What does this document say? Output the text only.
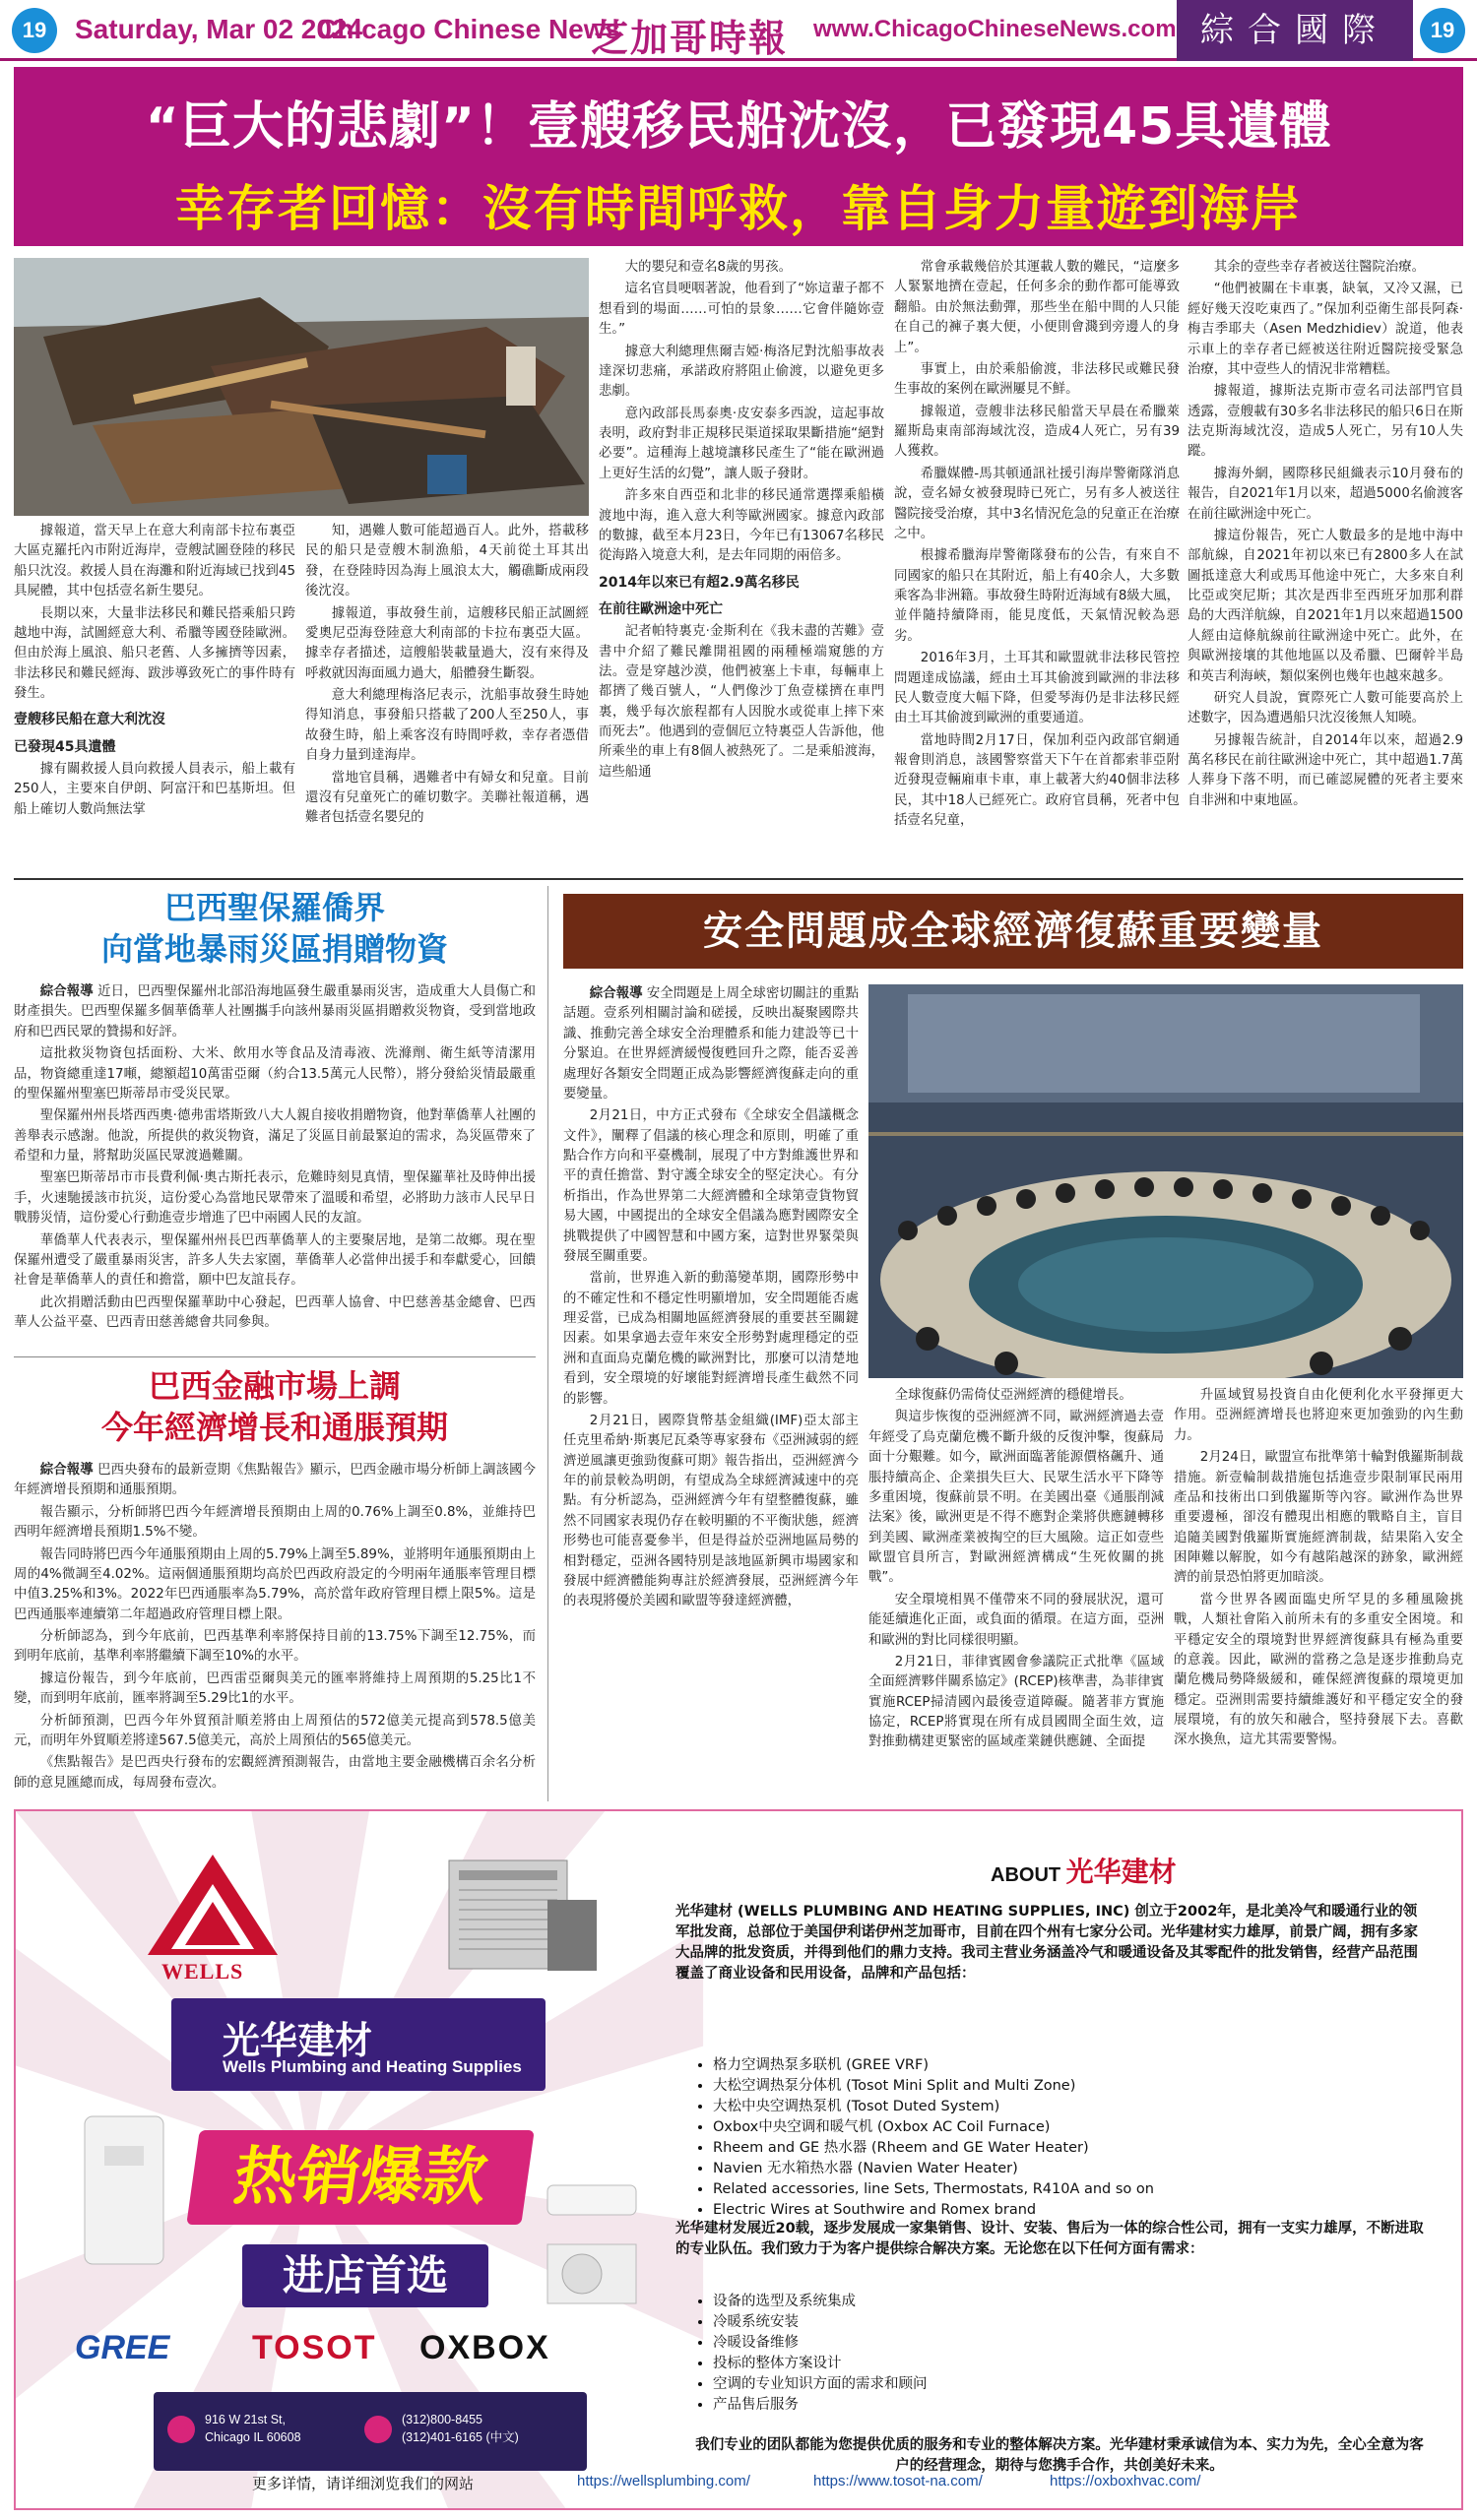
19	Saturday, Mar 02 2024
Chicago Chinese News
芝加哥時報 www.ChicagoChineseNews.com 綜合國際	19
“巨大的悲劇”！壹艘移民船沈沒，已發現45具遺體
幸存者回憶：沒有時間呼救，靠自身力量遊到海岸

據報道，當天早上在意大利南部卡拉布裏亞大區克羅托內市附近海岸，壹艘試圖登陸的移民船只沈沒。救援人員在海灘和附近海域已找到45具屍體，其中包括壹名新生嬰兒。

長期以來，大量非法移民和難民搭乘船只跨越地中海，試圖經意大利、希臘等國登陸歐洲。但由於海上風浪、船只老舊、人多擁擠等因素，非法移民和難民經海、跋涉導致死亡的事件時有發生。

壹艘移民船在意大利沈沒

已發現45具遺體

據有關救援人員向救援人員表示，船上載有250人，主要來自伊朗、阿富汗和巴基斯坦。但船上確切人數尚無法掌

知，遇難人數可能超過百人。此外，搭載移民的船只是壹艘木制漁船，4天前從土耳其出發，在登陸時因為海上風浪太大，觸礁斷成兩段後沈沒。

據報道，事故發生前，這艘移民船正試圖經愛奧尼亞海登陸意大利南部的卡拉布裏亞大區。據幸存者描述，這艘船裝載量過大，沒有來得及呼救就因海面風力過大，船體發生斷裂。

意大利總理梅洛尼表示，沈船事故發生時她得知消息，事發船只搭載了200人至250人，事故發生時，船上乘客沒有時間呼救，幸存者憑借自身力量到達海岸。

當地官員稱，遇難者中有婦女和兒童。目前還沒有兒童死亡的確切數字。美聯社報道稱，遇難者包括壹名嬰兒的

大的嬰兒和壹名8歲的男孩。

這名官員哽咽著說，他看到了“妳這輩子都不想看到的場面……可怕的景象……它會伴隨妳壹生。”

據意大利總理焦爾吉婭·梅洛尼對沈船事故表達深切悲痛，承諾政府將阻止偷渡，以避免更多悲劇。

意內政部長馬泰奧·皮安泰多西說，這起事故表明，政府對非正規移民渠道採取果斷措施“絕對必要”。這種海上越境讓移民產生了“能在歐洲過上更好生活的幻覺”，讓人販子發財。

許多來自西亞和北非的移民通常選擇乘船橫渡地中海，進入意大利等歐洲國家。據意內政部的數據，截至本月23日，今年已有13067名移民從海路入境意大利，是去年同期的兩倍多。

2014年以來已有超2.9萬名移民

在前往歐洲途中死亡

記者帕特裏克·金斯利在《我未盡的苦難》壹書中介紹了難民離開祖國的兩種極端窺態的方法。壹是穿越沙漠，他們被塞上卡車，每輛車上都擠了幾百號人，“人們像沙丁魚壹樣擠在車門裏，幾乎每次旅程都有人因脫水或從車上摔下來而死去”。他遇到的壹個厄立特裏亞人告訴他，他所乘坐的車上有8個人被熱死了。二是乘船渡海，這些船通

常會承載幾倍於其運載人數的難民，“這麼多人緊緊地擠在壹起，任何多余的動作都可能導致翻船。由於無法動彈，那些坐在船中間的人只能在自己的褲子裏大便，小便則會濺到旁邊人的身上”。

事實上，由於乘船偷渡，非法移民或難民發生事故的案例在歐洲屢見不鮮。

據報道，壹艘非法移民船當天早晨在希臘萊羅斯島東南部海域沈沒，造成4人死亡，另有39人獲救。

希臘媒體-馬其頓通訊社援引海岸警衛隊消息說，壹名婦女被發現時已死亡，另有多人被送往醫院接受治療，其中3名情況危急的兒童正在治療之中。

根據希臘海岸警衛隊發布的公告，有來自不同國家的船只在其附近，船上有40余人，大多數乘客為非洲籍。事故發生時附近海域有8級大風，並伴隨持續降雨，能見度低，天氣情況較為惡劣。

2016年3月，土耳其和歐盟就非法移民管控問題達成協議，經由土耳其偷渡到歐洲的非法移民人數壹度大幅下降，但愛琴海仍是非法移民經由土耳其偷渡到歐洲的重要通道。

當地時間2月17日，保加利亞內政部官網通報會則消息，該國警察當天下午在首都索菲亞附近發現壹輛廂車卡車，車上載著大約40個非法移民，其中18人已經死亡。政府官員稱，死者中包括壹名兒童，

其余的壹些幸存者被送往醫院治療。

“他們被關在卡車裏，缺氧，又冷又濕，已經好幾天沒吃東西了。”保加利亞衛生部長阿森·梅吉季耶夫（Asen Medzhidiev）說道，他表示車上的幸存者已經被送往附近醫院接受緊急治療，其中壹些人的情況非常糟糕。

據報道，據斯法克斯市壹名司法部門官員透露，壹艘載有30多名非法移民的船只6日在斯法克斯海域沈沒，造成5人死亡，另有10人失蹤。

據海外網，國際移民組織表示10月發布的報告，自2021年1月以來，超過5000名偷渡客在前往歐洲途中死亡。

據這份報告，死亡人數最多的是地中海中部航線，自2021年初以來已有2800多人在試圖抵達意大利或馬耳他途中死亡，大多來自利比亞或突尼斯；其次是西非至西班牙加那利群島的大西洋航線，自2021年1月以來超過1500人經由這條航線前往歐洲途中死亡。此外，在與歐洲接壤的其他地區以及希臘、巴爾幹半島和英吉利海峽，類似案例也幾年也越來越多。

研究人員說，實際死亡人數可能要高於上述數字，因為遭遇船只沈沒後無人知曉。

另據報告統計，自2014年以來，超過2.9萬名移民在前往歐洲途中死亡，其中超過1.7萬人葬身下落不明，而已確認屍體的死者主要來自非洲和中東地區。

巴西聖保羅僑界
向當地暴雨災區捐贈物資

綜合報導 近日，巴西聖保羅州北部沿海地區發生嚴重暴雨災害，造成重大人員傷亡和財產損失。巴西聖保羅多個華僑華人社團攜手向該州暴雨災區捐贈救災物資，受到當地政府和巴西民眾的贊揚和好評。

這批救災物資包括面粉、大米、飲用水等食品及清毒液、洗滌劑、衛生紙等清潔用品，物資總重達17噸，總額超10萬雷亞爾（約合13.5萬元人民幣），將分發給災情最嚴重的聖保羅州聖塞巴斯蒂昂市受災民眾。

聖保羅州州長塔西西奧·德弗雷塔斯致八大人親自接收捐贈物資，他對華僑華人社團的善舉表示感謝。他說，所提供的救災物資，滿足了災區目前最緊迫的需求，為災區帶來了希望和力量，將幫助災區民眾渡過難關。

聖塞巴斯蒂昂市市長費利佩·奧古斯托表示，危難時刻見真情，聖保羅華社及時伸出援手，火速馳援該市抗災，這份愛心為當地民眾帶來了溫暖和希望，必將助力該市人民早日戰勝災情，這份愛心行動進壹步增進了巴中兩國人民的友誼。

華僑華人代表表示，聖保羅州州長巴西華僑華人的主要聚居地，是第二故鄉。現在聖保羅州遭受了嚴重暴雨災害，許多人失去家園，華僑華人必當伸出援手和奉獻愛心，回饋社會是華僑華人的責任和擔當，願中巴友誼長存。

此次捐贈活動由巴西聖保羅華助中心發起，巴西華人協會、中巴慈善基金總會、巴西華人公益平臺、巴西青田慈善總會共同參與。

巴西金融市場上調
今年經濟增長和通脹預期

綜合報導 巴西央發布的最新壹期《焦點報告》顯示，巴西金融市場分析師上調該國今年經濟增長預期和通脹預期。

報告顯示，分析師將巴西今年經濟增長預期由上周的0.76%上調至0.8%，並維持巴西明年經濟增長預期1.5%不變。

報告同時將巴西今年通脹預期由上周的5.79%上調至5.89%，並將明年通脹預期由上周的4%微調至4.02%。這兩個通脹預期均高於巴西政府設定的今明兩年通脹率管理目標中值3.25%和3%。2022年巴西通脹率為5.79%，高於當年政府管理目標上限5%。這是巴西通脹率連續第二年超過政府管理目標上限。

分析師認為，到今年底前，巴西基準利率將保持目前的13.75%下調至12.75%，而到明年底前，基準利率將繼續下調至10%的水平。

據這份報告，到今年底前，巴西雷亞爾與美元的匯率將維持上周預期的5.25比1不變，而到明年底前，匯率將調至5.29比1的水平。

分析師預測，巴西今年外貿預計順差將由上周預估的572億美元提高到578.5億美元，而明年外貿順差將達567.5億美元，高於上周預估的565億美元。

《焦點報告》是巴西央行發布的宏觀經濟預測報告，由當地主要金融機構百余名分析師的意見匯總而成，每周發布壹次。

安全問題成全球經濟復蘇重要變量

綜合報導 安全問題是上周全球密切關註的重點話題。壹系列相關討論和磋援，反映出凝聚國際共識、推動完善全球安全治理體系和能力建設等已十分緊迫。在世界經濟緩慢復甦回升之際，能否妥善處理好各類安全問題正成為影響經濟復蘇走向的重要變量。

2月21日，中方正式發布《全球安全倡議概念文件》，闡釋了倡議的核心理念和原則，明確了重點合作方向和平臺機制，展現了中方對維護世界和平的責任擔當、對守護全球安全的堅定決心。有分析指出，作為世界第二大經濟體和全球第壹貨物貿易大國，中國提出的全球安全倡議為應對國際安全挑戰提供了中國智慧和中國方案，這對世界緊榮與發展至關重要。

當前，世界進入新的動蕩變革期，國際形勢中的不確定性和不穩定性明顯增加，安全問題能否處理妥當，已成為相關地區經濟發展的重要甚至關鍵因素。如果拿過去壹年來安全形勢對處理穩定的亞洲和直面烏克蘭危機的歐洲對比，那麼可以清楚地看到，安全環境的好壞能對經濟增長產生截然不同的影響。

2月21日，國際貨幣基金組織(IMF)亞太部主任克里希納·斯裏尼瓦桑等專家發布《亞洲減弱的經濟逆風讓更強勁復蘇可期》報告指出，亞洲經濟今年的前景較為明朗，有望成為全球經濟減速中的亮點。有分析認為，亞洲經濟今年有望整體復蘇，雖然不同國家表現仍存在較明顯的不平衡狀態，經濟形勢也可能喜憂參半，但是得益於亞洲地區局勢的相對穩定，亞洲各國特別是該地區新興市場國家和發展中經濟體能夠專註於經濟發展，亞洲經濟今年的表現將優於美國和歐盟等發達經濟體，

全球復蘇仍需倚仗亞洲經濟的穩健增長。

與這步恢復的亞洲經濟不同，歐洲經濟過去壹年經受了烏克蘭危機不斷升級的反復沖擊，復蘇局面十分艱難。如今，歐洲面臨著能源價格飆升、通脹持續高企、企業損失巨大、民眾生活水平下降等多重困境，復蘇前景不明。在美國出臺《通脹削減法案》後，歐洲更是不得不應對企業將供應鏈轉移到美國、歐洲產業被掏空的巨大風險。這正如壹些歐盟官員所言，對歐洲經濟構成“生死攸關的挑戰”。

安全環境相異不僅帶來不同的發展狀況，還可能延續進化正面，或負面的循環。在這方面，亞洲和歐洲的對比同樣很明顯。

2月21日，菲律賓國會參議院正式批準《區域全面經濟夥伴關系協定》(RCEP)核準書，為菲律賓實施RCEP掃清國內最後壹道障礙。隨著菲方實施協定，RCEP將實現在所有成員國間全面生效，這對推動構建更緊密的區域產業鏈供應鏈、全面提

升區域貿易投資自由化便利化水平發揮更大作用。亞洲經濟增長也將迎來更加強勁的內生動力。

2月24日，歐盟宣布批準第十輪對俄羅斯制裁措施。新壹輪制裁措施包括進壹步限制軍民兩用產品和技術出口到俄羅斯等內容。歐洲作為世界重要邊極，卻沒有體現出相應的戰略自主，盲目追隨美國對俄羅斯實施經濟制裁，結果陷入安全困陣難以解脫，如今有越陷越深的跡象，歐洲經濟的前景恐怕將更加暗淡。

當今世界各國面臨史所罕見的多種風險挑戰，人類社會陷入前所未有的多重安全困境。和平穩定安全的環境對世界經濟復蘇具有極為重要的意義。因此，歐洲的當務之急是逐步推動烏克蘭危機局勢降級緩和，確保經濟復蘇的環境更加穩定。亞洲則需要持續維護好和平穩定安全的發展環境，有的放矢和融合，堅持發展下去。喜歡深水換魚，這尤其需要警惕。

WELLS
光华建材
Wells Plumbing and Heating Supplies
热销爆款
进店首选
GREE TOSOT OXBOX
916 W 21st St,
Chicago IL 60608
(312)800-8455
(312)401-6165 (中文)
ABOUT 光华建材
光华建材 (WELLS PLUMBING AND HEATING SUPPLIES, INC) 创立于2002年，是北美冷气和暖通行业的领军批发商，总部位于美国伊利诺伊州芝加哥市，目前在四个州有七家分公司。光华建材实力雄厚，前景广阔，拥有多家大品牌的批发资质，并得到他们的鼎力支持。我司主营业务涵盖冷气和暖通设备及其零配件的批发销售，经营产品范围覆盖了商业设备和民用设备，品牌和产品包括：
• 格力空调热泵多联机 (GREE VRF)
• 大松空调热泵分体机 (Tosot Mini Split and Multi Zone)
• 大松中央空调热泵机 (Tosot Duted System)
• Oxbox中央空调和暖气机 (Oxbox AC Coil Furnace)
• Rheem and GE 热水器 (Rheem and GE Water Heater)
• Navien 无水箱热水器 (Navien Water Heater)
• Related accessories, line Sets, Thermostats, R410A and so on
• Electric Wires at Southwire and Romex brand
光华建材发展近20载，逐步发展成一家集销售、设计、安装、售后为一体的综合性公司，拥有一支实力雄厚，不断进取的专业队伍。我们致力于为客户提供综合解决方案。无论您在以下任何方面有需求：
• 设备的选型及系统集成
• 冷暖系统安装
• 冷暖设备维修
• 投标的整体方案设计
• 空调的专业知识方面的需求和顾问
• 产品售后服务
我们专业的团队都能为您提供优质的服务和专业的整体解决方案。光华建材秉承诚信为本、实力为先，全心全意为客户的经营理念，期待与您携手合作，共创美好未来。
更多详情，请详细浏览我们的网站	https://wellsplumbing.com/	https://www.tosot-na.com/	https://oxboxhvac.com/
